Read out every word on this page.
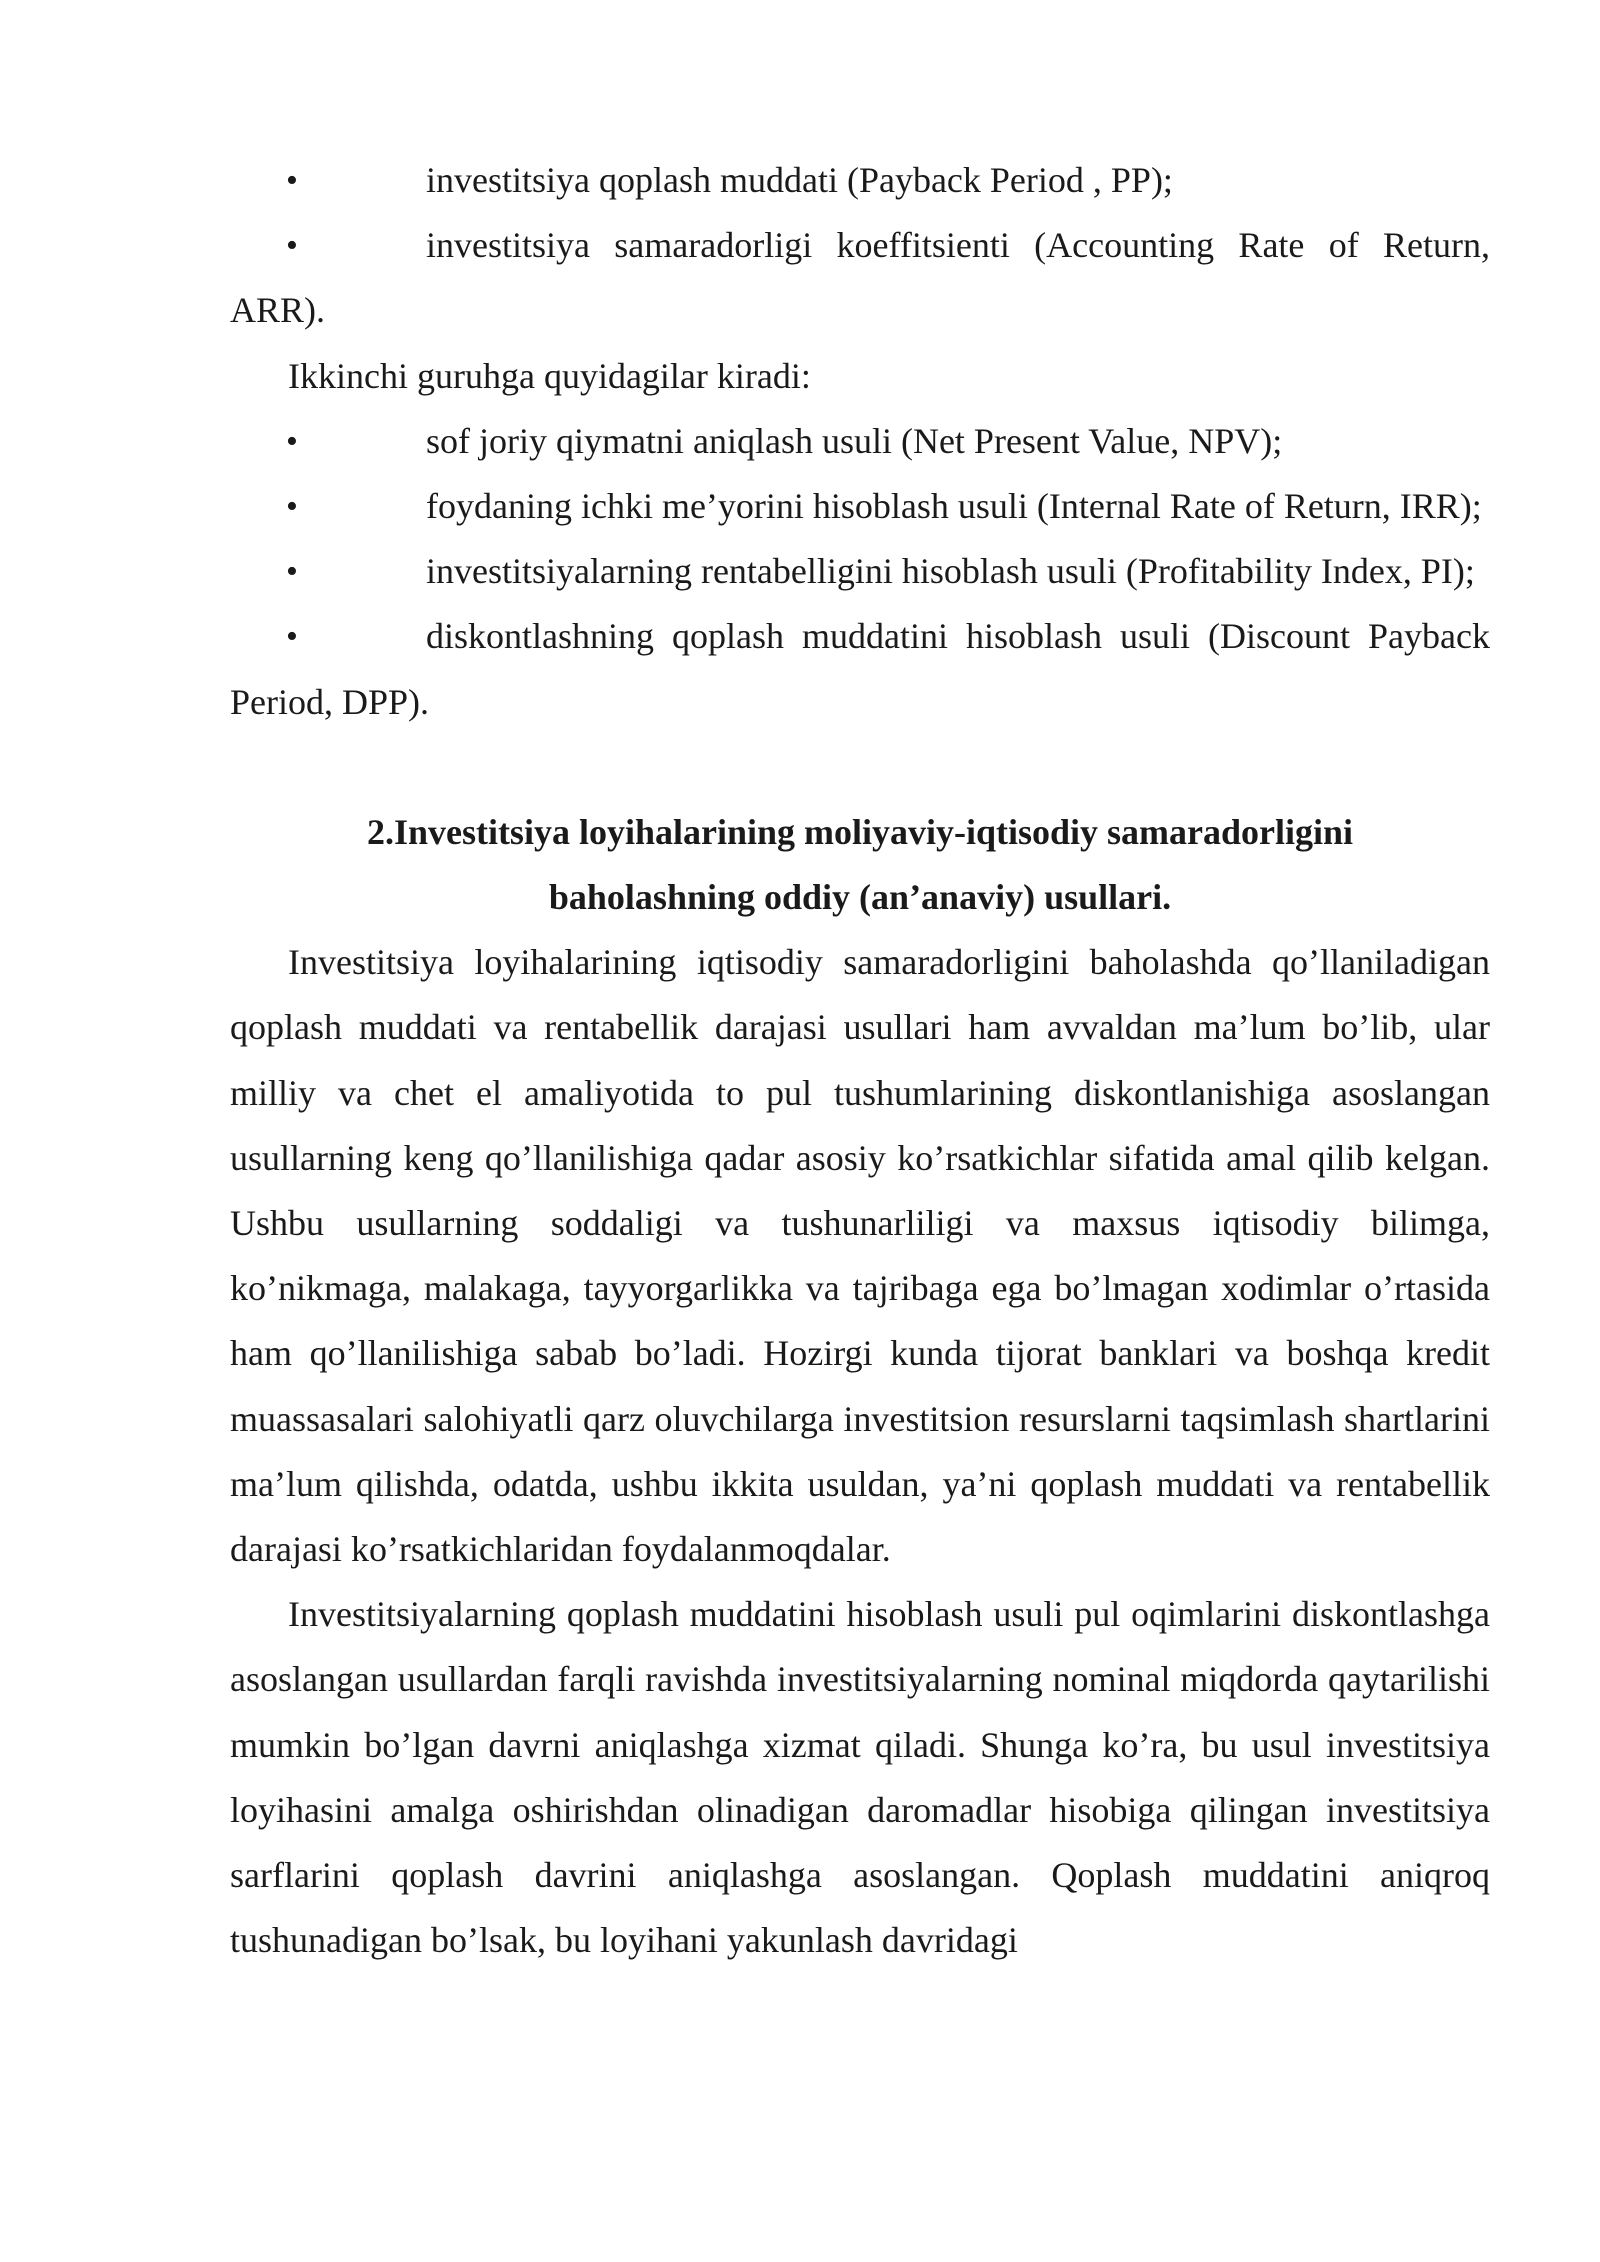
•	investitsiya qoplash muddati (Payback Period , PP);

•	investitsiya samaradorligi koeffitsienti (Accounting Rate of Return, ARR).

Ikkinchi guruhga quyidagilar kiradi:

•	sof joriy qiymatni aniqlash usuli (Net Present Value, NPV);

•	foydaning ichki me’yorini hisoblash usuli (Internal Rate of Return, IRR);

•	investitsiyalarning rentabelligini hisoblash usuli (Profitability Index, PI);

•	diskontlashning qoplash muddatini hisoblash usuli (Discount Payback Period, DPP).

2.Investitsiya loyihalarining moliyaviy-iqtisodiy samaradorligini
baholashning oddiy (an’anaviy) usullari.

Investitsiya loyihalarining iqtisodiy samaradorligini baholashda qo’llaniladigan qoplash muddati va rentabellik darajasi usullari ham avvaldan ma’lum bo’lib, ular milliy va chet el amaliyotida to pul tushumlarining diskontlanishiga asoslangan usullarning keng qo’llanilishiga qadar asosiy ko’rsatkichlar sifatida amal qilib kelgan. Ushbu usullarning soddaligi va tushunarliligi va maxsus iqtisodiy bilimga, ko’nikmaga, malakaga, tayyorgarlikka va tajribaga ega bo’lmagan xodimlar o’rtasida ham qo’llanilishiga sabab bo’ladi. Hozirgi kunda tijorat banklari va boshqa kredit muassasalari salohiyatli qarz oluvchilarga investitsion resurslarni taqsimlash shartlarini ma’lum qilishda, odatda, ushbu ikkita usuldan, ya’ni qoplash muddati va rentabellik darajasi ko’rsatkichlaridan foydalanmoqdalar.

Investitsiyalarning qoplash muddatini hisoblash usuli pul oqimlarini diskontlashga asoslangan usullardan farqli ravishda investitsiyalarning nominal miqdorda qaytarilishi mumkin bo’lgan davrni aniqlashga xizmat qiladi. Shunga ko’ra, bu usul investitsiya loyihasini amalga oshirishdan olinadigan daromadlar hisobiga qilingan investitsiya sarflarini qoplash davrini aniqlashga asoslangan. Qoplash muddatini aniqroq tushunadigan bo’lsak, bu loyihani yakunlash davridagi
